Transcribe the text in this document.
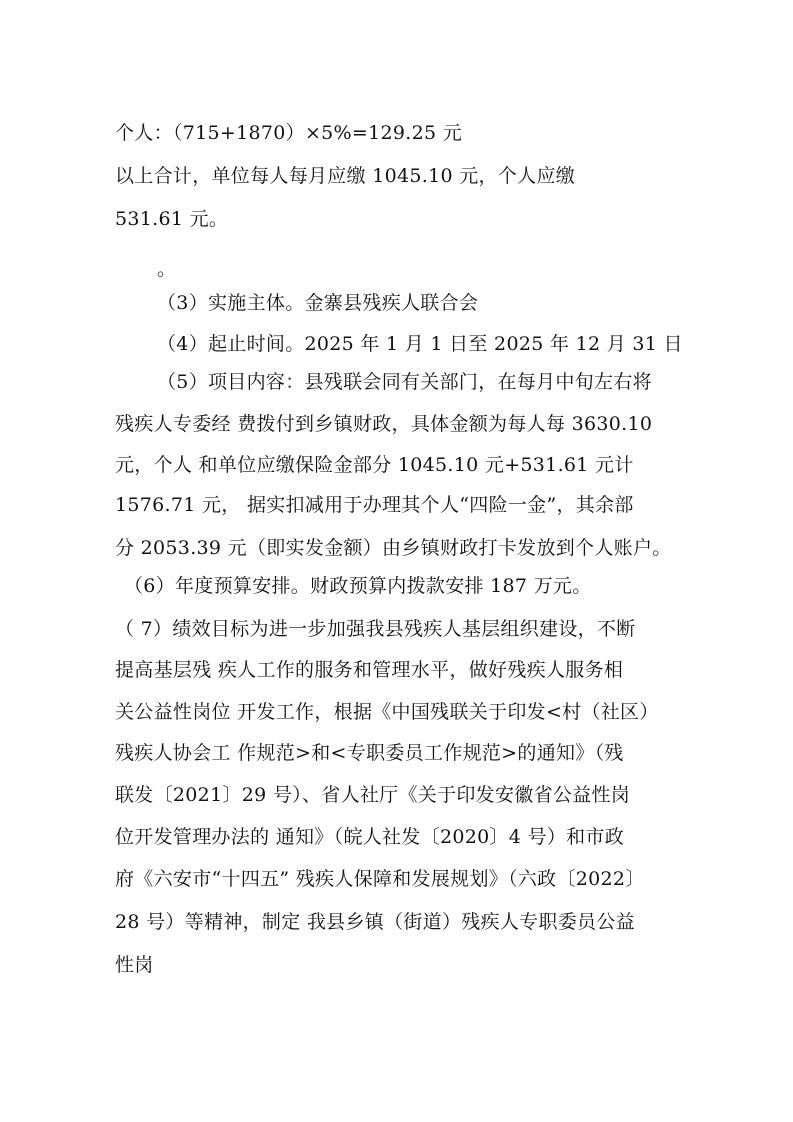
个人：（715+1870）×5%=129.25 元
以上合计，单位每人每月应缴 1045.10 元，个人应缴
531.61 元。
。
（3）实施主体。金寨县残疾人联合会
（4）起止时间。2025 年 1 月 1 日至 2025 年 12 月 31 日
（5）项目内容：县残联会同有关部门，在每月中旬左右将
残疾人专委经 费拨付到乡镇财政，具体金额为每人每 3630.10
元，个人 和单位应缴保险金部分 1045.10 元+531.61 元计
1576.71 元， 据实扣减用于办理其个人“四险一金”，其余部
分 2053.39 元（即实发金额）由乡镇财政打卡发放到个人账户。
（6）年度预算安排。财政预算内拨款安排 187 万元。
（ 7）绩效目标为进一步加强我县残疾人基层组织建设，不断
提高基层残 疾人工作的服务和管理水平，做好残疾人服务相
关公益性岗位 开发工作，根据《中国残联关于印发<村（社区）
残疾人协会工 作规范>和<专职委员工作规范>的通知》（残
联发〔2021〕29 号）、省人社厅《关于印发安徽省公益性岗
位开发管理办法的 通知》（皖人社发〔2020〕4 号）和市政
府《六安市“十四五” 残疾人保障和发展规划》（六政〔2022〕
28 号）等精神，制定 我县乡镇（街道）残疾人专职委员公益
性岗
